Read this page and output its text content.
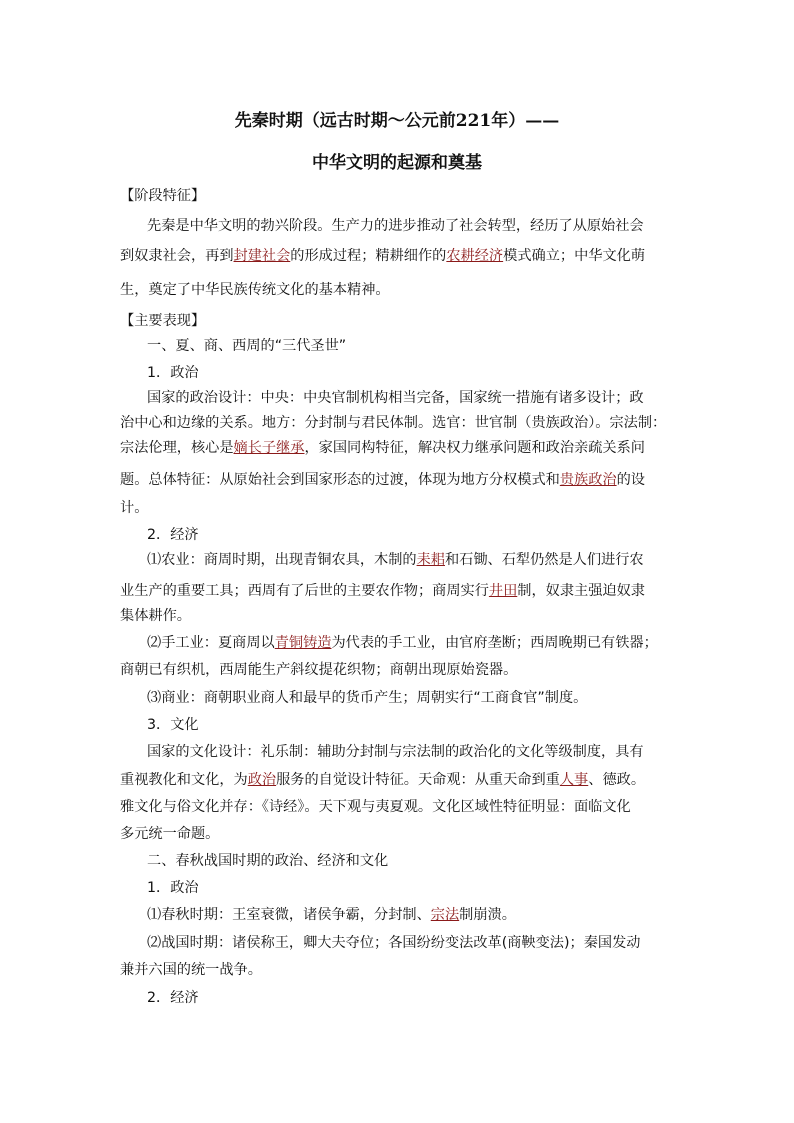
先秦时期（远古时期～公元前221年）——
中华文明的起源和奠基
【阶段特征】
先秦是中华文明的勃兴阶段。生产力的进步推动了社会转型，经历了从原始社会
到奴隶社会，再到封建社会的形成过程；精耕细作的农耕经济模式确立；中华文化萌
生，奠定了中华民族传统文化的基本精神。
【主要表现】
一、夏、商、西周的“三代圣世”
1．政治
国家的政治设计：中央：中央官制机构相当完备，国家统一措施有诸多设计；政
治中心和边缘的关系。地方：分封制与君民体制。选官：世官制（贵族政治）。宗法制：
宗法伦理，核心是嫡长子继承，家国同构特征，解决权力继承问题和政治亲疏关系问
题。总体特征：从原始社会到国家形态的过渡，体现为地方分权模式和贵族政治的设
计。
2．经济
⑴农业：商周时期，出现青铜农具，木制的耒耜和石锄、石犁仍然是人们进行农
业生产的重要工具；西周有了后世的主要农作物；商周实行井田制，奴隶主强迫奴隶
集体耕作。
⑵手工业：夏商周以青铜铸造为代表的手工业，由官府垄断；西周晚期已有铁器；
商朝已有织机，西周能生产斜纹提花织物；商朝出现原始瓷器。
⑶商业：商朝职业商人和最早的货币产生；周朝实行“工商食官”制度。
3．文化
国家的文化设计：礼乐制：辅助分封制与宗法制的政治化的文化等级制度，具有
重视教化和文化，为政治服务的自觉设计特征。天命观：从重天命到重人事、德政。
雅文化与俗文化并存：《诗经》。天下观与夷夏观。文化区域性特征明显：面临文化
多元统一命题。
二、春秋战国时期的政治、经济和文化
1．政治
⑴春秋时期：王室衰微，诸侯争霸，分封制、宗法制崩溃。
⑵战国时期：诸侯称王，卿大夫夺位；各国纷纷变法改革(商鞅变法)；秦国发动
兼并六国的统一战争。
2．经济
